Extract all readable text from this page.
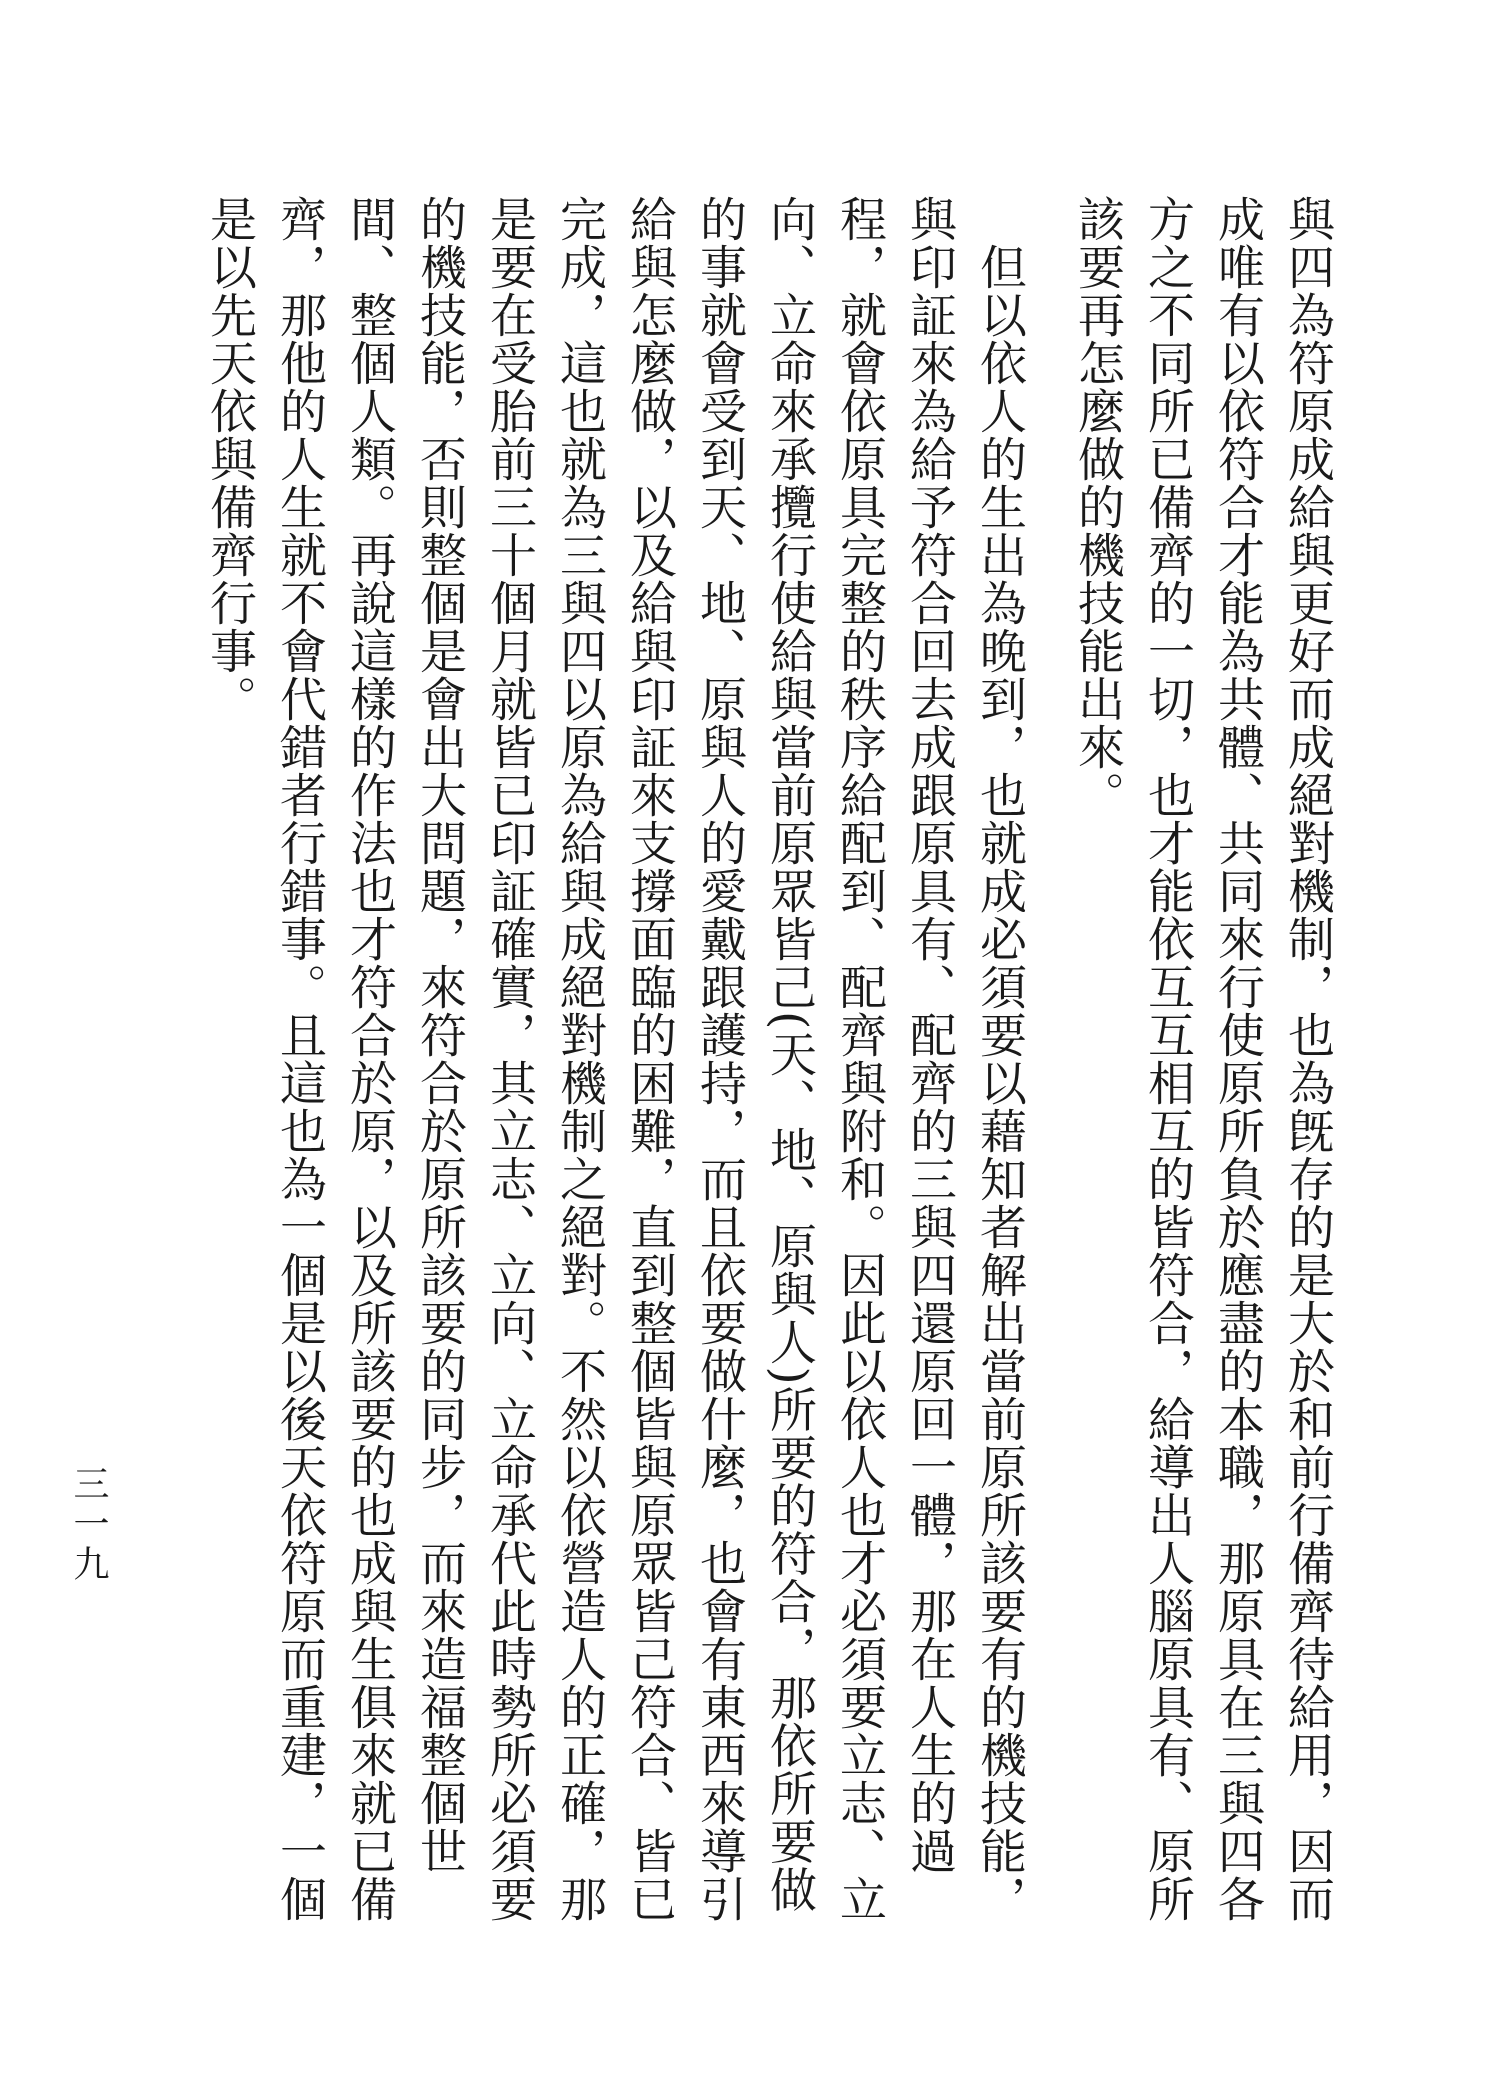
與四為符原成給與更好而成絕對機制，也為旣存的是大於和前行備齊待給用，因而成唯有以依符合才能為共體、共同來行使原所負於應盡的本職，那原具在三與四各方之不同所已備齊的一切，也才能依互互相互的皆符合，給導出人腦原具有、原所該要再怎麼做的機技能出來。

　但以依人的生出為晚到，也就成必須要以藉知者解出當前原所該要有的機技能，與印証來為給予符合回去成跟原具有、配齊的三與四還原回一體，那在人生的過程，就會依原具完整的秩序給配到、配齊與附和。因此以依人也才必須要立志、立向、立命來承攬行使給與當前原眾皆己(天、地、原與人)所要的符合，那依所要做的事就會受到天、地、原與人的愛戴跟護持，而且依要做什麼，也會有東西來導引給與怎麼做，以及給與印証來支撐面臨的困難，直到整個皆與原眾皆己符合、皆已完成，這也就為三與四以原為給與成絕對機制之絕對。不然以依營造人的正確，那是要在受胎前三十個月就皆已印証確實，其立志、立向、立命承代此時勢所必須要的機技能，否則整個是會出大問題，來符合於原所該要的同步，而來造福整個世間、整個人類。再說這樣的作法也才符合於原，以及所該要的也成與生俱來就已備齊，那他的人生就不會代錯者行錯事。且這也為一個是以後天依符原而重建，一個是以先天依與備齊行事。

三一九
